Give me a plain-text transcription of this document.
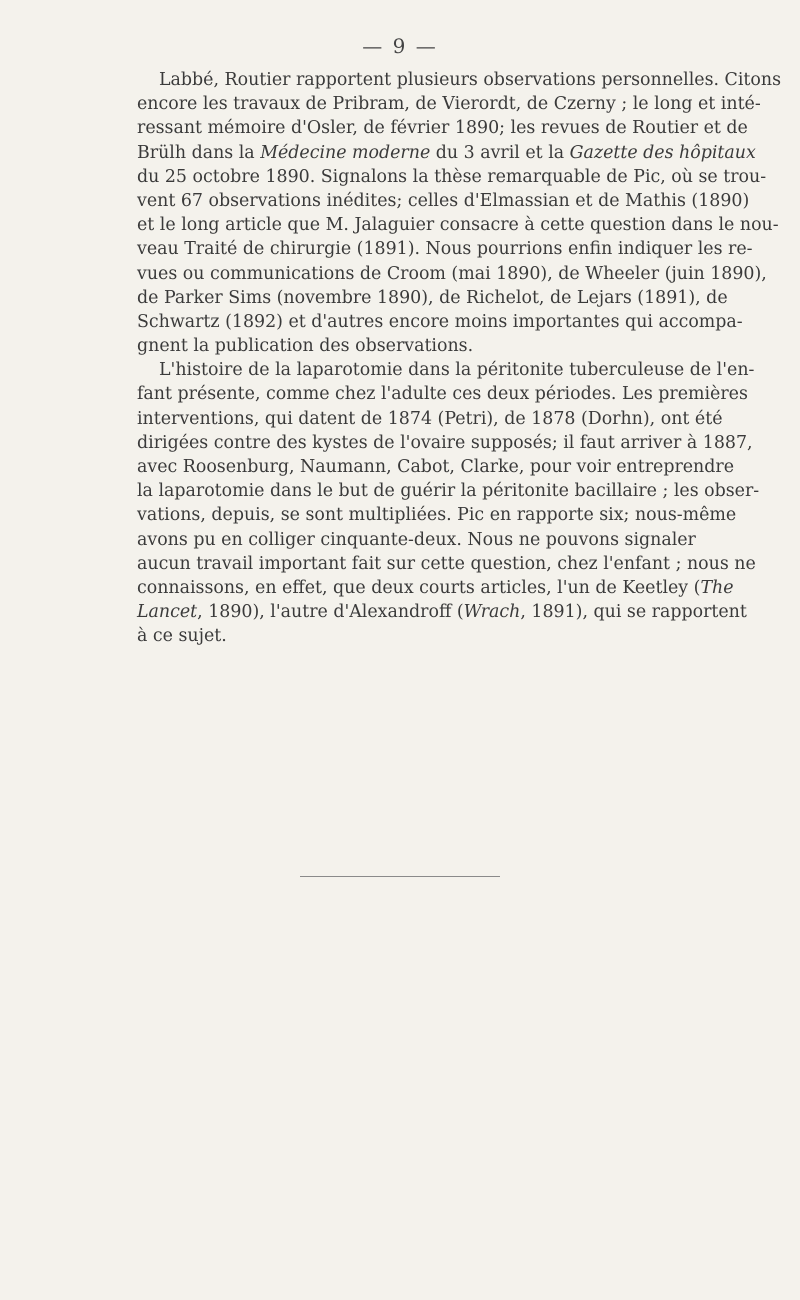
— 9 —
Labbé, Routier rapportent plusieurs observations personnelles. Citons
encore les travaux de Pribram, de Vierordt, de Czerny ; le long et inté-
ressant mémoire d'Osler, de février 1890; les revues de Routier et de
Brülh dans la Médecine moderne du 3 avril et la Gazette des hôpitaux
du 25 octobre 1890. Signalons la thèse remarquable de Pic, où se trou-
vent 67 observations inédites; celles d'Elmassian et de Mathis (1890)
et le long article que M. Jalaguier consacre à cette question dans le nou-
veau Traité de chirurgie (1891). Nous pourrions enfin indiquer les re-
vues ou communications de Croom (mai 1890), de Wheeler (juin 1890),
de Parker Sims (novembre 1890), de Richelot, de Lejars (1891), de
Schwartz (1892) et d'autres encore moins importantes qui accompa-
gnent la publication des observations.
L'histoire de la laparotomie dans la péritonite tuberculeuse de l'en-
fant présente, comme chez l'adulte ces deux périodes. Les premières
interventions, qui datent de 1874 (Petri), de 1878 (Dorhn), ont été
dirigées contre des kystes de l'ovaire supposés; il faut arriver à 1887,
avec Roosenburg, Naumann, Cabot, Clarke, pour voir entreprendre
la laparotomie dans le but de guérir la péritonite bacillaire ; les obser-
vations, depuis, se sont multipliées. Pic en rapporte six; nous-même
avons pu en colliger cinquante-deux. Nous ne pouvons signaler
aucun travail important fait sur cette question, chez l'enfant ; nous ne
connaissons, en effet, que deux courts articles, l'un de Keetley (The
Lancet, 1890), l'autre d'Alexandroff (Wrach, 1891), qui se rapportent
à ce sujet.
